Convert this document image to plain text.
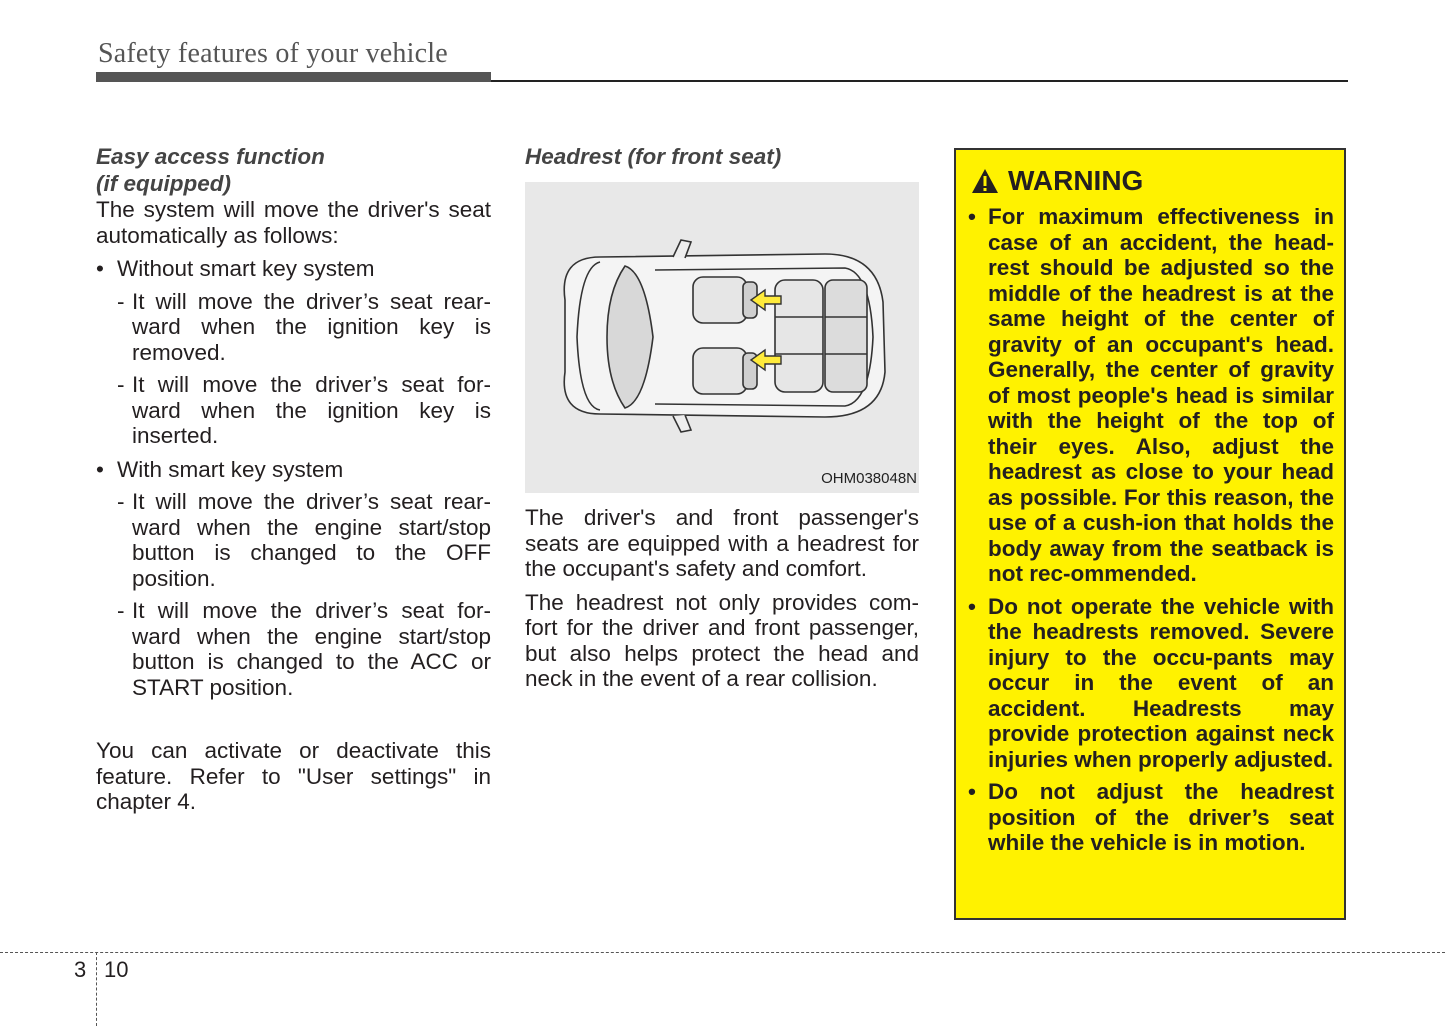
Safety features of your vehicle

Easy access function
(if equipped)

The system will move the driver's seat automatically as follows:

• Without smart key system
- It will move the driver’s seat rear-ward when the ignition key is removed.
- It will move the driver’s seat for-ward when the ignition key is inserted.
• With smart key system
- It will move the driver’s seat rear-ward when the engine start/stop button is changed to the OFF position.
- It will move the driver’s seat for-ward when the engine start/stop button is changed to the ACC or START position.

You can activate or deactivate this feature. Refer to "User settings" in chapter 4.

Headrest (for front seat)

OHM038048N

The driver's and front passenger's seats are equipped with a headrest for the occupant's safety and comfort.

The headrest not only provides com-fort for the driver and front passenger, but also helps protect the head and neck in the event of a rear collision.

WARNING
• For maximum effectiveness in case of an accident, the head-rest should be adjusted so the middle of the headrest is at the same height of the center of gravity of an occupant's head. Generally, the center of gravity of most people's head is similar with the height of the top of their eyes. Also, adjust the headrest as close to your head as possible. For this reason, the use of a cush-ion that holds the body away from the seatback is not rec-ommended.
• Do not operate the vehicle with the headrests removed. Severe injury to the occu-pants may occur in the event of an accident. Headrests may provide protection against neck injuries when properly adjusted.
• Do not adjust the headrest position of the driver’s seat while the vehicle is in motion.
3 10
